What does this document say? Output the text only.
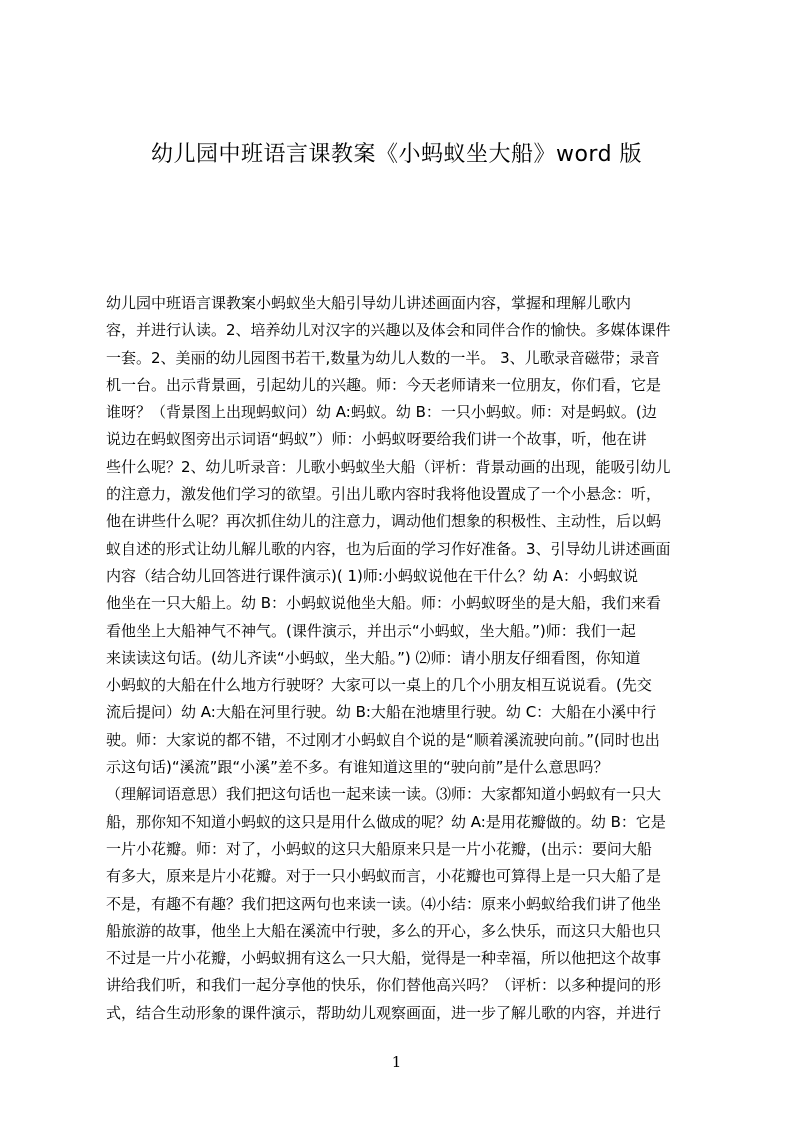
幼儿园中班语言课教案《小蚂蚁坐大船》word 版
幼儿园中班语言课教案小蚂蚁坐大船引导幼儿讲述画面内容，掌握和理解儿歌内
容，并进行认读。2、培养幼儿对汉字的兴趣以及体会和同伴合作的愉快。多媒体课件
一套。2、美丽的幼儿园图书若干,数量为幼儿人数的一半。 3、儿歌录音磁带；录音
机一台。出示背景画，引起幼儿的兴趣。师：今天老师请来一位朋友，你们看，它是
谁呀？（背景图上出现蚂蚁问）幼 A:蚂蚁。幼 B：一只小蚂蚁。师：对是蚂蚁。(边
说边在蚂蚁图旁出示词语“蚂蚁”）师：小蚂蚁呀要给我们讲一个故事，听，他在讲
些什么呢？2、幼儿听录音：儿歌小蚂蚁坐大船（评析：背景动画的出现，能吸引幼儿
的注意力，激发他们学习的欲望。引出儿歌内容时我将他设置成了一个小悬念：听，
他在讲些什么呢？再次抓住幼儿的注意力，调动他们想象的积极性、主动性，后以蚂
蚁自述的形式让幼儿解儿歌的内容，也为后面的学习作好准备。3、引导幼儿讲述画面
内容（结合幼儿回答进行课件演示)( 1)师:小蚂蚁说他在干什么？幼 A：小蚂蚁说
他坐在一只大船上。幼 B：小蚂蚁说他坐大船。师：小蚂蚁呀坐的是大船，我们来看
看他坐上大船神气不神气。(课件演示，并出示“小蚂蚁，坐大船。”)师：我们一起
来读读这句话。(幼儿齐读“小蚂蚁，坐大船。”) ⑵师：请小朋友仔细看图，你知道
小蚂蚁的大船在什么地方行驶呀？大家可以一桌上的几个小朋友相互说说看。(先交
流后提问）幼 A:大船在河里行驶。幼 B:大船在池塘里行驶。幼 C：大船在小溪中行
驶。师：大家说的都不错，不过刚才小蚂蚁自个说的是“顺着溪流驶向前。”(同时也出
示这句话)“溪流”跟“小溪”差不多。有谁知道这里的“驶向前”是什么意思吗？
（理解词语意思）我们把这句话也一起来读一读。⑶师：大家都知道小蚂蚁有一只大
船，那你知不知道小蚂蚁的这只是用什么做成的呢？幼 A:是用花瓣做的。幼 B：它是
一片小花瓣。师：对了，小蚂蚁的这只大船原来只是一片小花瓣，(出示：要问大船
有多大，原来是片小花瓣。对于一只小蚂蚁而言，小花瓣也可算得上是一只大船了是
不是，有趣不有趣？我们把这两句也来读一读。⑷小结：原来小蚂蚁给我们讲了他坐
船旅游的故事，他坐上大船在溪流中行驶，多么的开心，多么快乐，而这只大船也只
不过是一片小花瓣，小蚂蚁拥有这么一只大船，觉得是一种幸福，所以他把这个故事
讲给我们听，和我们一起分享他的快乐，你们替他高兴吗？（评析：以多种提问的形
式，结合生动形象的课件演示，帮助幼儿观察画面，进一步了解儿歌的内容，并进行
1
